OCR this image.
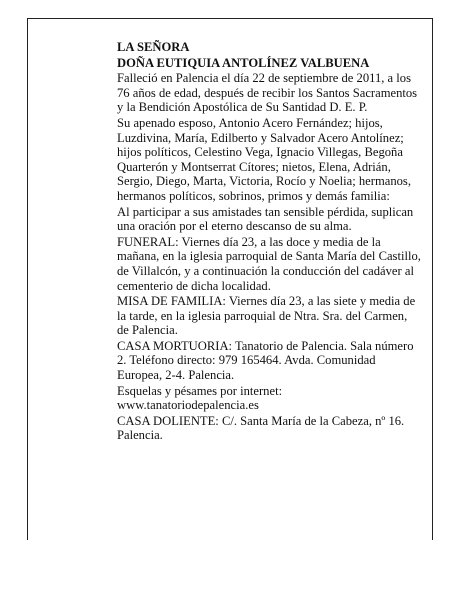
LA SEÑORA

DOÑA EUTIQUIA ANTOLÍNEZ VALBUENA

Falleció en Palencia el día 22 de septiembre de 2011, a los 76 años de edad, después de recibir los Santos Sacramentos y la Bendición Apostólica de Su Santidad D. E. P.

Su apenado esposo, Antonio Acero Fernández; hijos, Luzdivina, María, Edilberto y Salvador Acero Antolínez; hijos políticos, Celestino Vega, Ignacio Villegas, Begoña Quarterón y Montserrat Cítores; nietos, Elena, Adrián, Sergio, Diego, Marta, Victoria, Rocío y Noelia; hermanos, hermanos políticos, sobrinos, primos y demás familia:

Al participar a sus amistades tan sensible pérdida, suplican una oración por el eterno descanso de su alma.

FUNERAL: Viernes día 23, a las doce y media de la mañana, en la iglesia parroquial de Santa María del Castillo, de Villalcón, y a continuación la conducción del cadáver al cementerio de dicha localidad.

MISA DE FAMILIA: Viernes día 23, a las siete y media de la tarde, en la iglesia parroquial de Ntra. Sra. del Carmen, de Palencia.

CASA MORTUORIA: Tanatorio de Palencia. Sala número 2. Teléfono directo: 979 165464. Avda. Comunidad Europea, 2-4. Palencia.

Esquelas y pésames por internet: www.tanatoriodepalencia.es

CASA DOLIENTE: C/. Santa María de la Cabeza, nº 16. Palencia.
